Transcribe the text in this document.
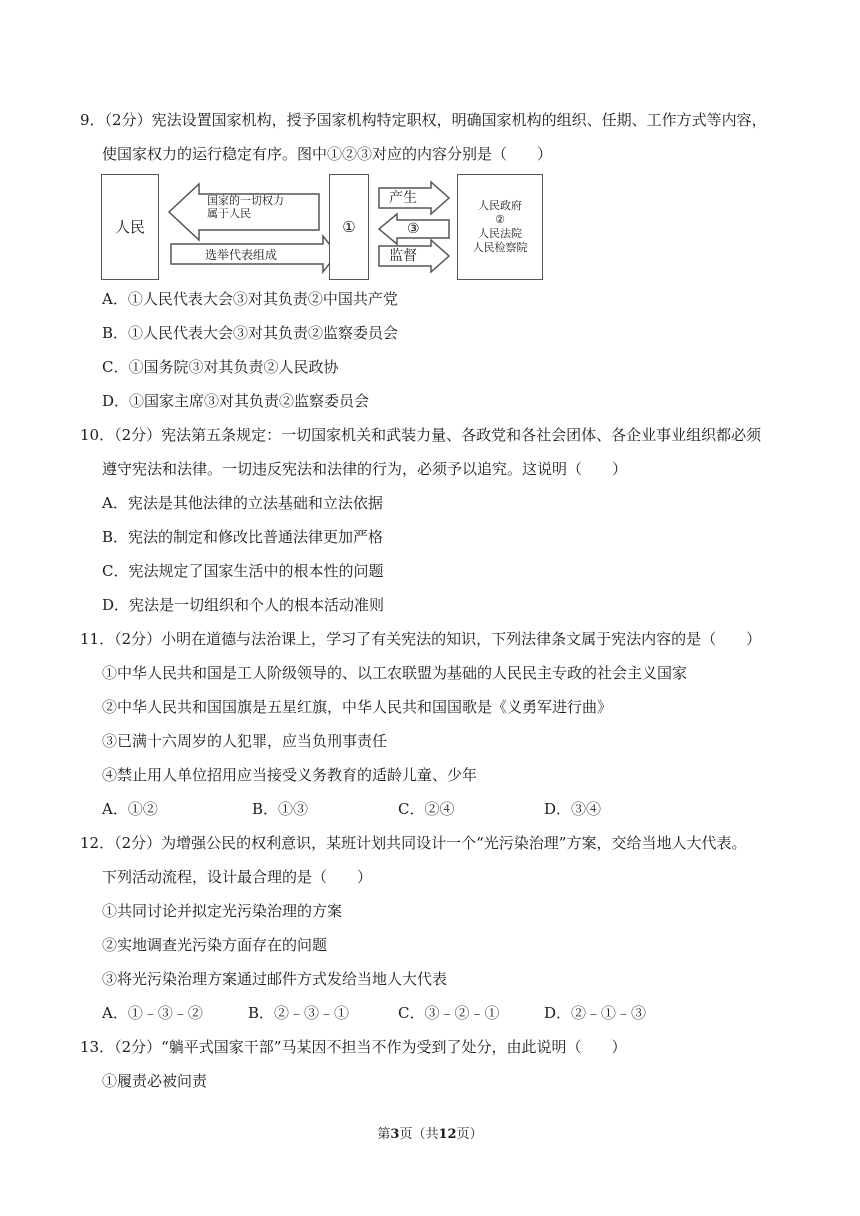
9．（2分）宪法设置国家机构，授予国家机构特定职权，明确国家机构的组织、任期、工作方式等内容，
使国家权力的运行稳定有序。图中①②③对应的内容分别是（　　）
人民
国家的一切权力
属于人民
选举代表组成
①
产生
③
监督
人民政府
②
人民法院
人民检察院
A．①人民代表大会③对其负责②中国共产党
B．①人民代表大会③对其负责②监察委员会
C．①国务院③对其负责②人民政协
D．①国家主席③对其负责②监察委员会
10．（2分）宪法第五条规定：一切国家机关和武装力量、各政党和各社会团体、各企业事业组织都必须
遵守宪法和法律。一切违反宪法和法律的行为，必须予以追究。这说明（　　）
A．宪法是其他法律的立法基础和立法依据
B．宪法的制定和修改比普通法律更加严格
C．宪法规定了国家生活中的根本性的问题
D．宪法是一切组织和个人的根本活动准则
11．（2分）小明在道德与法治课上，学习了有关宪法的知识，下列法律条文属于宪法内容的是（　　）
①中华人民共和国是工人阶级领导的、以工农联盟为基础的人民民主专政的社会主义国家
②中华人民共和国国旗是五星红旗，中华人民共和国国歌是《义勇军进行曲》
③已满十六周岁的人犯罪，应当负刑事责任
④禁止用人单位招用应当接受义务教育的适龄儿童、少年
A．①②	B．①③	C．②④	D．③④
12．（2分）为增强公民的权利意识，某班计划共同设计一个“光污染治理”方案，交给当地人大代表。
下列活动流程，设计最合理的是（　　）
①共同讨论并拟定光污染治理的方案
②实地调查光污染方面存在的问题
③将光污染治理方案通过邮件方式发给当地人大代表
A．①﹣③﹣②	B．②﹣③﹣①	C．③﹣②﹣①	D．②﹣①﹣③
13．（2分）“躺平式国家干部”马某因不担当不作为受到了处分，由此说明（　　）
①履责必被问责
第3页（共12页）
